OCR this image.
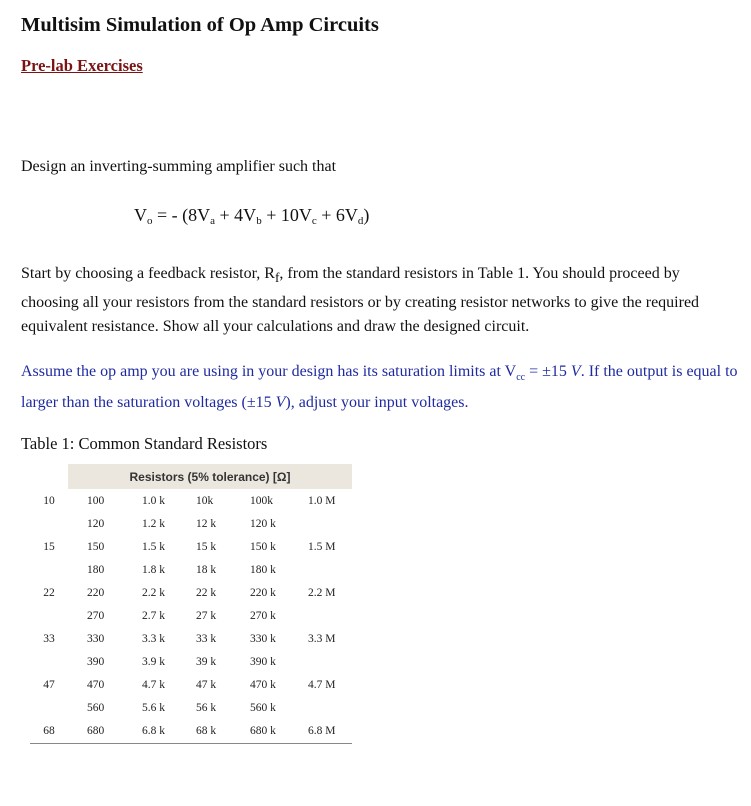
Multisim Simulation of Op Amp Circuits
Pre-lab Exercises

Design an inverting-summing amplifier such that

$V_o$ = - $(8V_a + 4V_b + 10V_c + 6V_d)$

Start by choosing a feedback resistor, $R_f$, from the standard resistors in Table 1. You should proceed by choosing all your resistors from the standard resistors or by creating resistor networks to give the required equivalent resistance. Show all your calculations and draw the designed circuit.

Assume the op amp you are using in your design has its saturation limits at $V_{cc} = \pm 15$ V. If the output is equal to larger than the saturation voltages (±15 V), adjust your input voltages.

Table 1: Common Standard Resistors

	Resistors (5% tolerance) [Ω]				
10	100	1.0 k	10k	100k	1.0 M
	120	1.2 k	12 k	120 k	
15	150	1.5 k	15 k	150 k	1.5 M
	180	1.8 k	18 k	180 k	
22	220	2.2 k	22 k	220 k	2.2 M
	270	2.7 k	27 k	270 k	
33	330	3.3 k	33 k	330 k	3.3 M
	390	3.9 k	39 k	390 k	
47	470	4.7 k	47 k	470 k	4.7 M
	560	5.6 k	56 k	560 k	
68	680	6.8 k	68 k	680 k	6.8 M
